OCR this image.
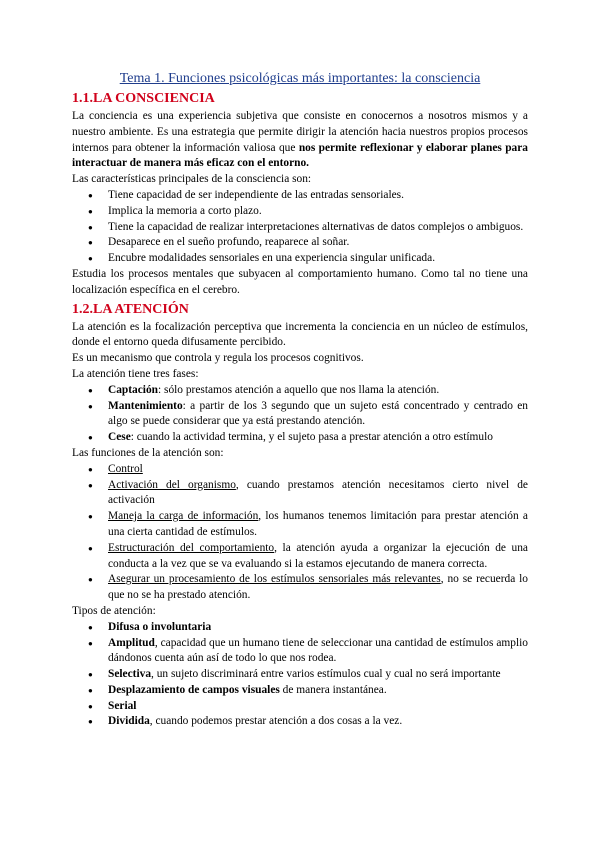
Tema 1. Funciones psicológicas más importantes: la consciencia
1.1.LA CONSCIENCIA

La conciencia es una experiencia subjetiva que consiste en conocernos a nosotros mismos y a nuestro ambiente. Es una estrategia que permite dirigir la atención hacia nuestros propios procesos internos para obtener la información valiosa que nos permite reflexionar y elaborar planes para interactuar de manera más eficaz con el entorno.

Las características principales de la consciencia son:

● Tiene capacidad de ser independiente de las entradas sensoriales.
● Implica la memoria a corto plazo.
● Tiene la capacidad de realizar interpretaciones alternativas de datos complejos o ambiguos.
● Desaparece en el sueño profundo, reaparece al soñar.
● Encubre modalidades sensoriales en una experiencia singular unificada.

Estudia los procesos mentales que subyacen al comportamiento humano. Como tal no tiene una localización específica en el cerebro.

1.2.LA ATENCIÓN

La atención es la focalización perceptiva que incrementa la conciencia en un núcleo de estímulos, donde el entorno queda difusamente percibido.

Es un mecanismo que controla y regula los procesos cognitivos.

La atención tiene tres fases:

● Captación: sólo prestamos atención a aquello que nos llama la atención.
● Mantenimiento: a partir de los 3 segundo que un sujeto está concentrado y centrado en algo se puede considerar que ya está prestando atención.
● Cese: cuando la actividad termina, y el sujeto pasa a prestar atención a otro estímulo

Las funciones de la atención son:

● Control
● Activación del organismo, cuando prestamos atención necesitamos cierto nivel de activación
● Maneja la carga de información, los humanos tenemos limitación para prestar atención a una cierta cantidad de estímulos.
● Estructuración del comportamiento, la atención ayuda a organizar la ejecución de una conducta a la vez que se va evaluando si la estamos ejecutando de manera correcta.
● Asegurar un procesamiento de los estímulos sensoriales más relevantes, no se recuerda lo que no se ha prestado atención.

Tipos de atención:

● Difusa o involuntaria
● Amplitud, capacidad que un humano tiene de seleccionar una cantidad de estímulos amplio dándonos cuenta aún así de todo lo que nos rodea.
● Selectiva, un sujeto discriminará entre varios estímulos cual y cual no será importante
● Desplazamiento de campos visuales de manera instantánea.
● Serial
● Dividida, cuando podemos prestar atención a dos cosas a la vez.
